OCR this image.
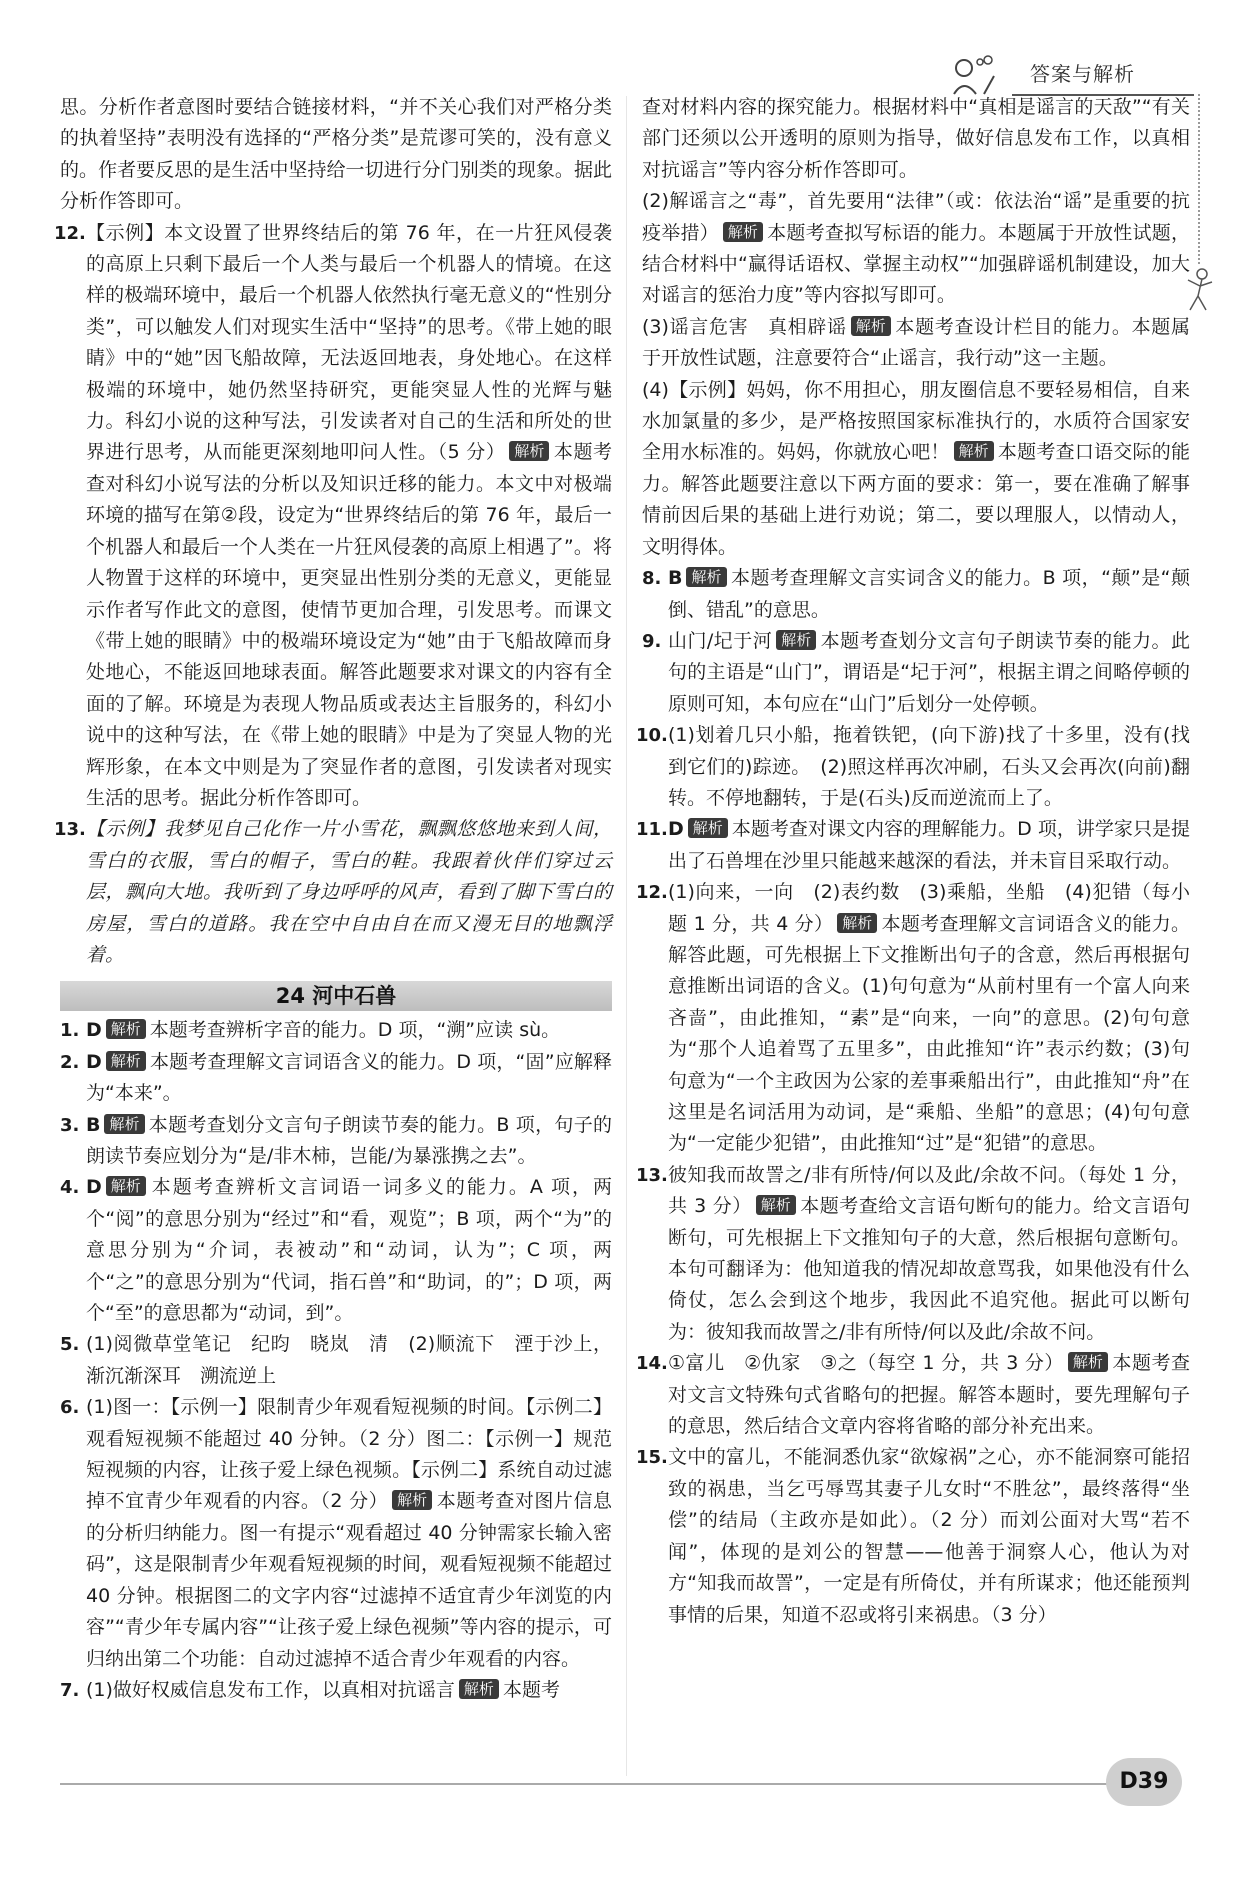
答案与解析

思。分析作者意图时要结合链接材料，“并不关心我们对严格分类的执着坚持”表明没有选择的“严格分类”是荒谬可笑的，没有意义的。作者要反思的是生活中坚持给一切进行分门别类的现象。据此分析作答即可。

12. 【示例】本文设置了世界终结后的第 76 年，在一片狂风侵袭的高原上只剩下最后一个人类与最后一个机器人的情境。在这样的极端环境中，最后一个机器人依然执行毫无意义的“性别分类”，可以触发人们对现实生活中“坚持”的思考。《带上她的眼睛》中的“她”因飞船故障，无法返回地表，身处地心。在这样极端的环境中，她仍然坚持研究，更能突显人性的光辉与魅力。科幻小说的这种写法，引发读者对自己的生活和所处的世界进行思考，从而能更深刻地叩问人性。（5 分） 解析 本题考查对科幻小说写法的分析以及知识迁移的能力。本文中对极端环境的描写在第②段，设定为“世界终结后的第 76 年，最后一个机器人和最后一个人类在一片狂风侵袭的高原上相遇了”。将人物置于这样的环境中，更突显出性别分类的无意义，更能显示作者写作此文的意图，使情节更加合理，引发思考。而课文《带上她的眼睛》中的极端环境设定为“她”由于飞船故障而身处地心，不能返回地球表面。解答此题要求对课文的内容有全面的了解。环境是为表现人物品质或表达主旨服务的，科幻小说中的这种写法，在《带上她的眼睛》中是为了突显人物的光辉形象，在本文中则是为了突显作者的意图，引发读者对现实生活的思考。据此分析作答即可。
13. 【示例】我梦见自己化作一片小雪花，飘飘悠悠地来到人间，雪白的衣服，雪白的帽子，雪白的鞋。我跟着伙伴们穿过云层，飘向大地。我听到了身边呼呼的风声，看到了脚下雪白的房屋，雪白的道路。我在空中自由自在而又漫无目的地飘浮着。
24 河中石兽
1. D 解析 本题考查辨析字音的能力。D 项，“溯”应读 sù。
2. D 解析 本题考查理解文言词语含义的能力。D 项，“固”应解释为“本来”。
3. B 解析 本题考查划分文言句子朗读节奏的能力。B 项，句子的朗读节奏应划分为“是/非木柿，岂能/为暴涨携之去”。
4. D 解析 本题考查辨析文言词语一词多义的能力。A 项，两个“阅”的意思分别为“经过”和“看，观览”；B 项，两个“为”的意思分别为“介词，表被动”和“动词，认为”；C 项，两个“之”的意思分别为“代词，指石兽”和“助词，的”；D 项，两个“至”的意思都为“动词，到”。
5. (1)阅微草堂笔记　纪昀　晓岚　清　(2)顺流下　湮于沙上，渐沉渐深耳　溯流逆上
6. (1)图一：【示例一】限制青少年观看短视频的时间。【示例二】观看短视频不能超过 40 分钟。（2 分）图二：【示例一】规范短视频的内容，让孩子爱上绿色视频。【示例二】系统自动过滤掉不宜青少年观看的内容。（2 分） 解析 本题考查对图片信息的分析归纳能力。图一有提示“观看超过 40 分钟需家长输入密码”，这是限制青少年观看短视频的时间，观看短视频不能超过 40 分钟。根据图二的文字内容“过滤掉不适宜青少年浏览的内容”“青少年专属内容”“让孩子爱上绿色视频”等内容的提示，可归纳出第二个功能：自动过滤掉不适合青少年观看的内容。
7. (1)做好权威信息发布工作，以真相对抗谣言 解析 本题考

查对材料内容的探究能力。根据材料中“真相是谣言的天敌”“有关部门还须以公开透明的原则为指导，做好信息发布工作，以真相对抗谣言”等内容分析作答即可。

(2)解谣言之“毒”，首先要用“法律”（或：依法治“谣”是重要的抗疫举措） 解析 本题考查拟写标语的能力。本题属于开放性试题，结合材料中“赢得话语权、掌握主动权”“加强辟谣机制建设，加大对谣言的惩治力度”等内容拟写即可。

(3)谣言危害　真相辟谣 解析 本题考查设计栏目的能力。本题属于开放性试题，注意要符合“止谣言，我行动”这一主题。

(4)【示例】妈妈，你不用担心，朋友圈信息不要轻易相信，自来水加氯量的多少，是严格按照国家标准执行的，水质符合国家安全用水标准的。妈妈，你就放心吧！ 解析 本题考查口语交际的能力。解答此题要注意以下两方面的要求：第一，要在准确了解事情前因后果的基础上进行劝说；第二，要以理服人，以情动人，文明得体。

8. B 解析 本题考查理解文言实词含义的能力。B 项，“颠”是“颠倒、错乱”的意思。
9. 山门/圮于河 解析 本题考查划分文言句子朗读节奏的能力。此句的主语是“山门”，谓语是“圮于河”，根据主谓之间略停顿的原则可知，本句应在“山门”后划分一处停顿。
10. (1)划着几只小船，拖着铁钯，(向下游)找了十多里，没有(找到它们的)踪迹。　(2)照这样再次冲刷，石头又会再次(向前)翻转。不停地翻转，于是(石头)反而逆流而上了。
11. D 解析 本题考查对课文内容的理解能力。D 项，讲学家只是提出了石兽埋在沙里只能越来越深的看法，并未盲目采取行动。
12. (1)向来，一向　(2)表约数　(3)乘船，坐船　(4)犯错（每小题 1 分，共 4 分） 解析 本题考查理解文言词语含义的能力。解答此题，可先根据上下文推断出句子的含意，然后再根据句意推断出词语的含义。(1)句句意为“从前村里有一个富人向来吝啬”，由此推知，“素”是“向来，一向”的意思。(2)句句意为“那个人追着骂了五里多”，由此推知“许”表示约数；(3)句句意为“一个主政因为公家的差事乘船出行”，由此推知“舟”在这里是名词活用为动词，是“乘船、坐船”的意思；(4)句句意为“一定能少犯错”，由此推知“过”是“犯错”的意思。
13. 彼知我而故詈之/非有所恃/何以及此/余故不问。（每处 1 分，共 3 分） 解析 本题考查给文言语句断句的能力。给文言语句断句，可先根据上下文推知句子的大意，然后根据句意断句。本句可翻译为：他知道我的情况却故意骂我，如果他没有什么倚仗，怎么会到这个地步，我因此不追究他。据此可以断句为：彼知我而故詈之/非有所恃/何以及此/余故不问。
14. ①富儿　②仇家　③之（每空 1 分，共 3 分） 解析 本题考查对文言文特殊句式省略句的把握。解答本题时，要先理解句子的意思，然后结合文章内容将省略的部分补充出来。
15. 文中的富儿，不能洞悉仇家“欲嫁祸”之心，亦不能洞察可能招致的祸患，当乞丐辱骂其妻子儿女时“不胜忿”，最终落得“坐偿”的结局（主政亦是如此）。（2 分）而刘公面对大骂“若不闻”，体现的是刘公的智慧——他善于洞察人心，他认为对方“知我而故詈”，一定是有所倚仗，并有所谋求；他还能预判事情的后果，知道不忍或将引来祸患。（3 分）
D39
